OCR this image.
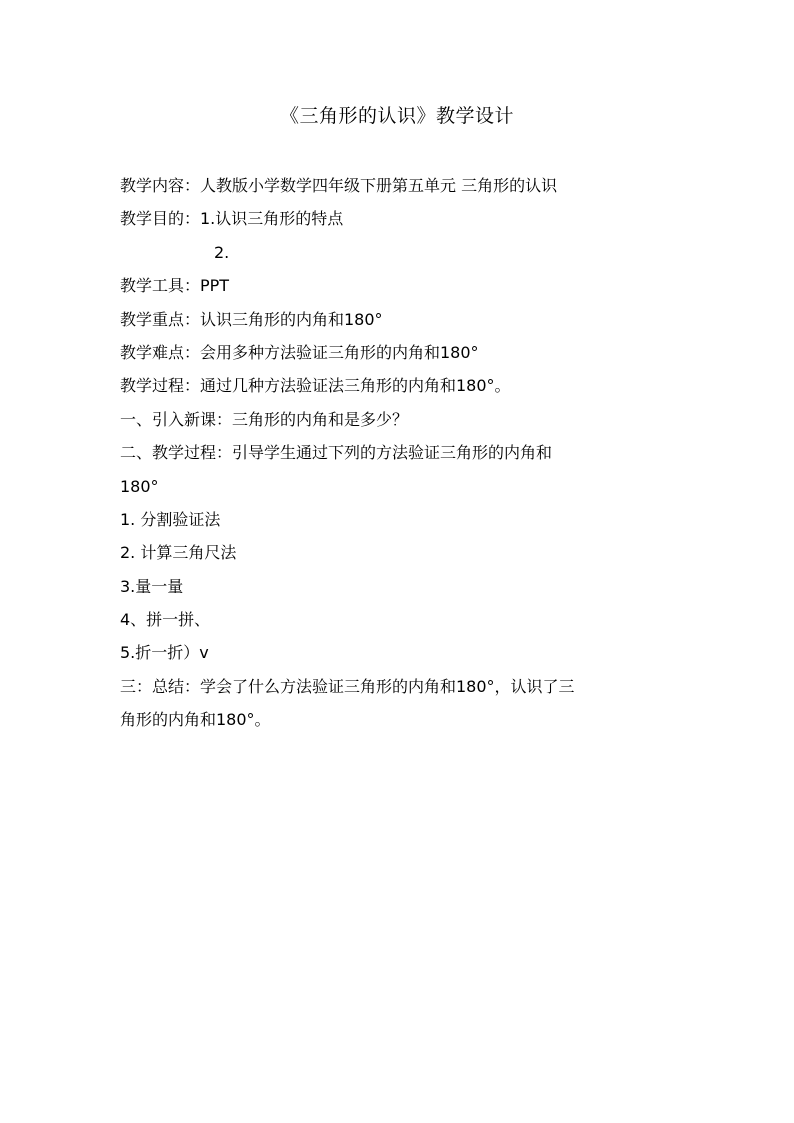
《三角形的认识》教学设计
教学内容：人教版小学数学四年级下册第五单元 三角形的认识
教学目的：1.认识三角形的特点
2.
教学工具：PPT
教学重点：认识三角形的内角和180°
教学难点：会用多种方法验证三角形的内角和180°
教学过程：通过几种方法验证法三角形的内角和180°。
一、引入新课：三角形的内角和是多少？
二、教学过程：引导学生通过下列的方法验证三角形的内角和
180°
1. 分割验证法
2. 计算三角尺法
3.量一量
4、拼一拼、
5.折一折）v
三：总结：学会了什么方法验证三角形的内角和180°，认识了三
角形的内角和180°。
